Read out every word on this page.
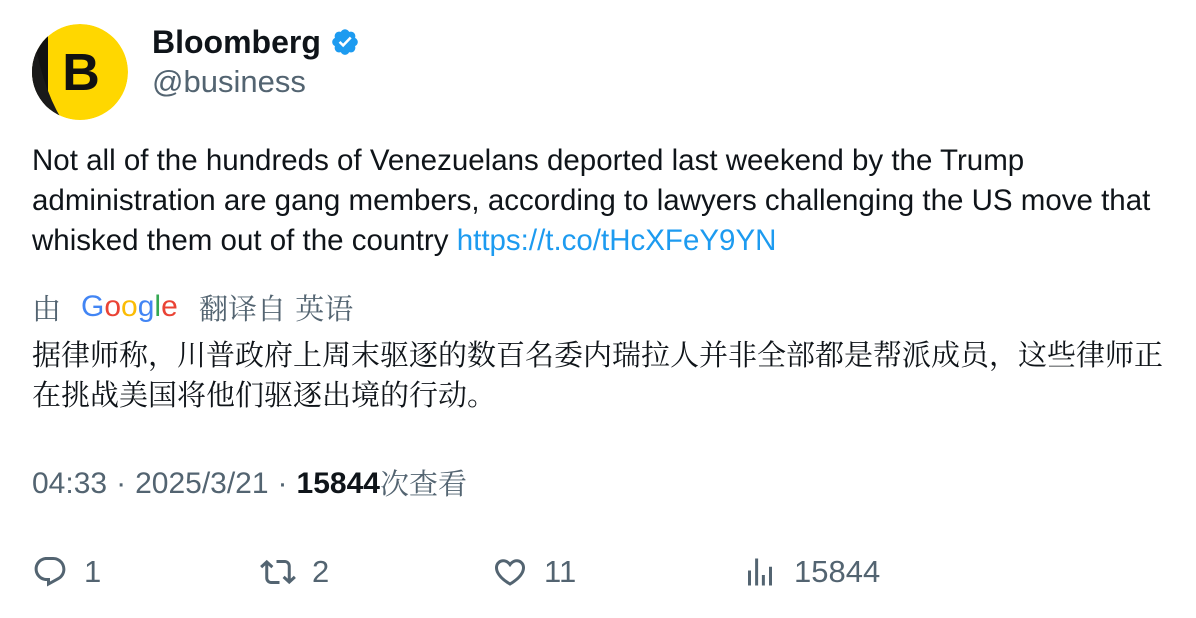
B
Bloomberg
@business
Not all of the hundreds of Venezuelans deported last weekend by the Trump administration are gang members, according to lawyers challenging the US move that whisked them out of the country https://t.co/tHcXFeY9YN
由 Google 翻译自 英语
据律师称，川普政府上周末驱逐的数百名委内瑞拉人并非全部都是帮派成员，这些律师正在挑战美国将他们驱逐出境的行动。
04:33 · 2025/3/21 · 15844 次查看
1	2	11	15844
